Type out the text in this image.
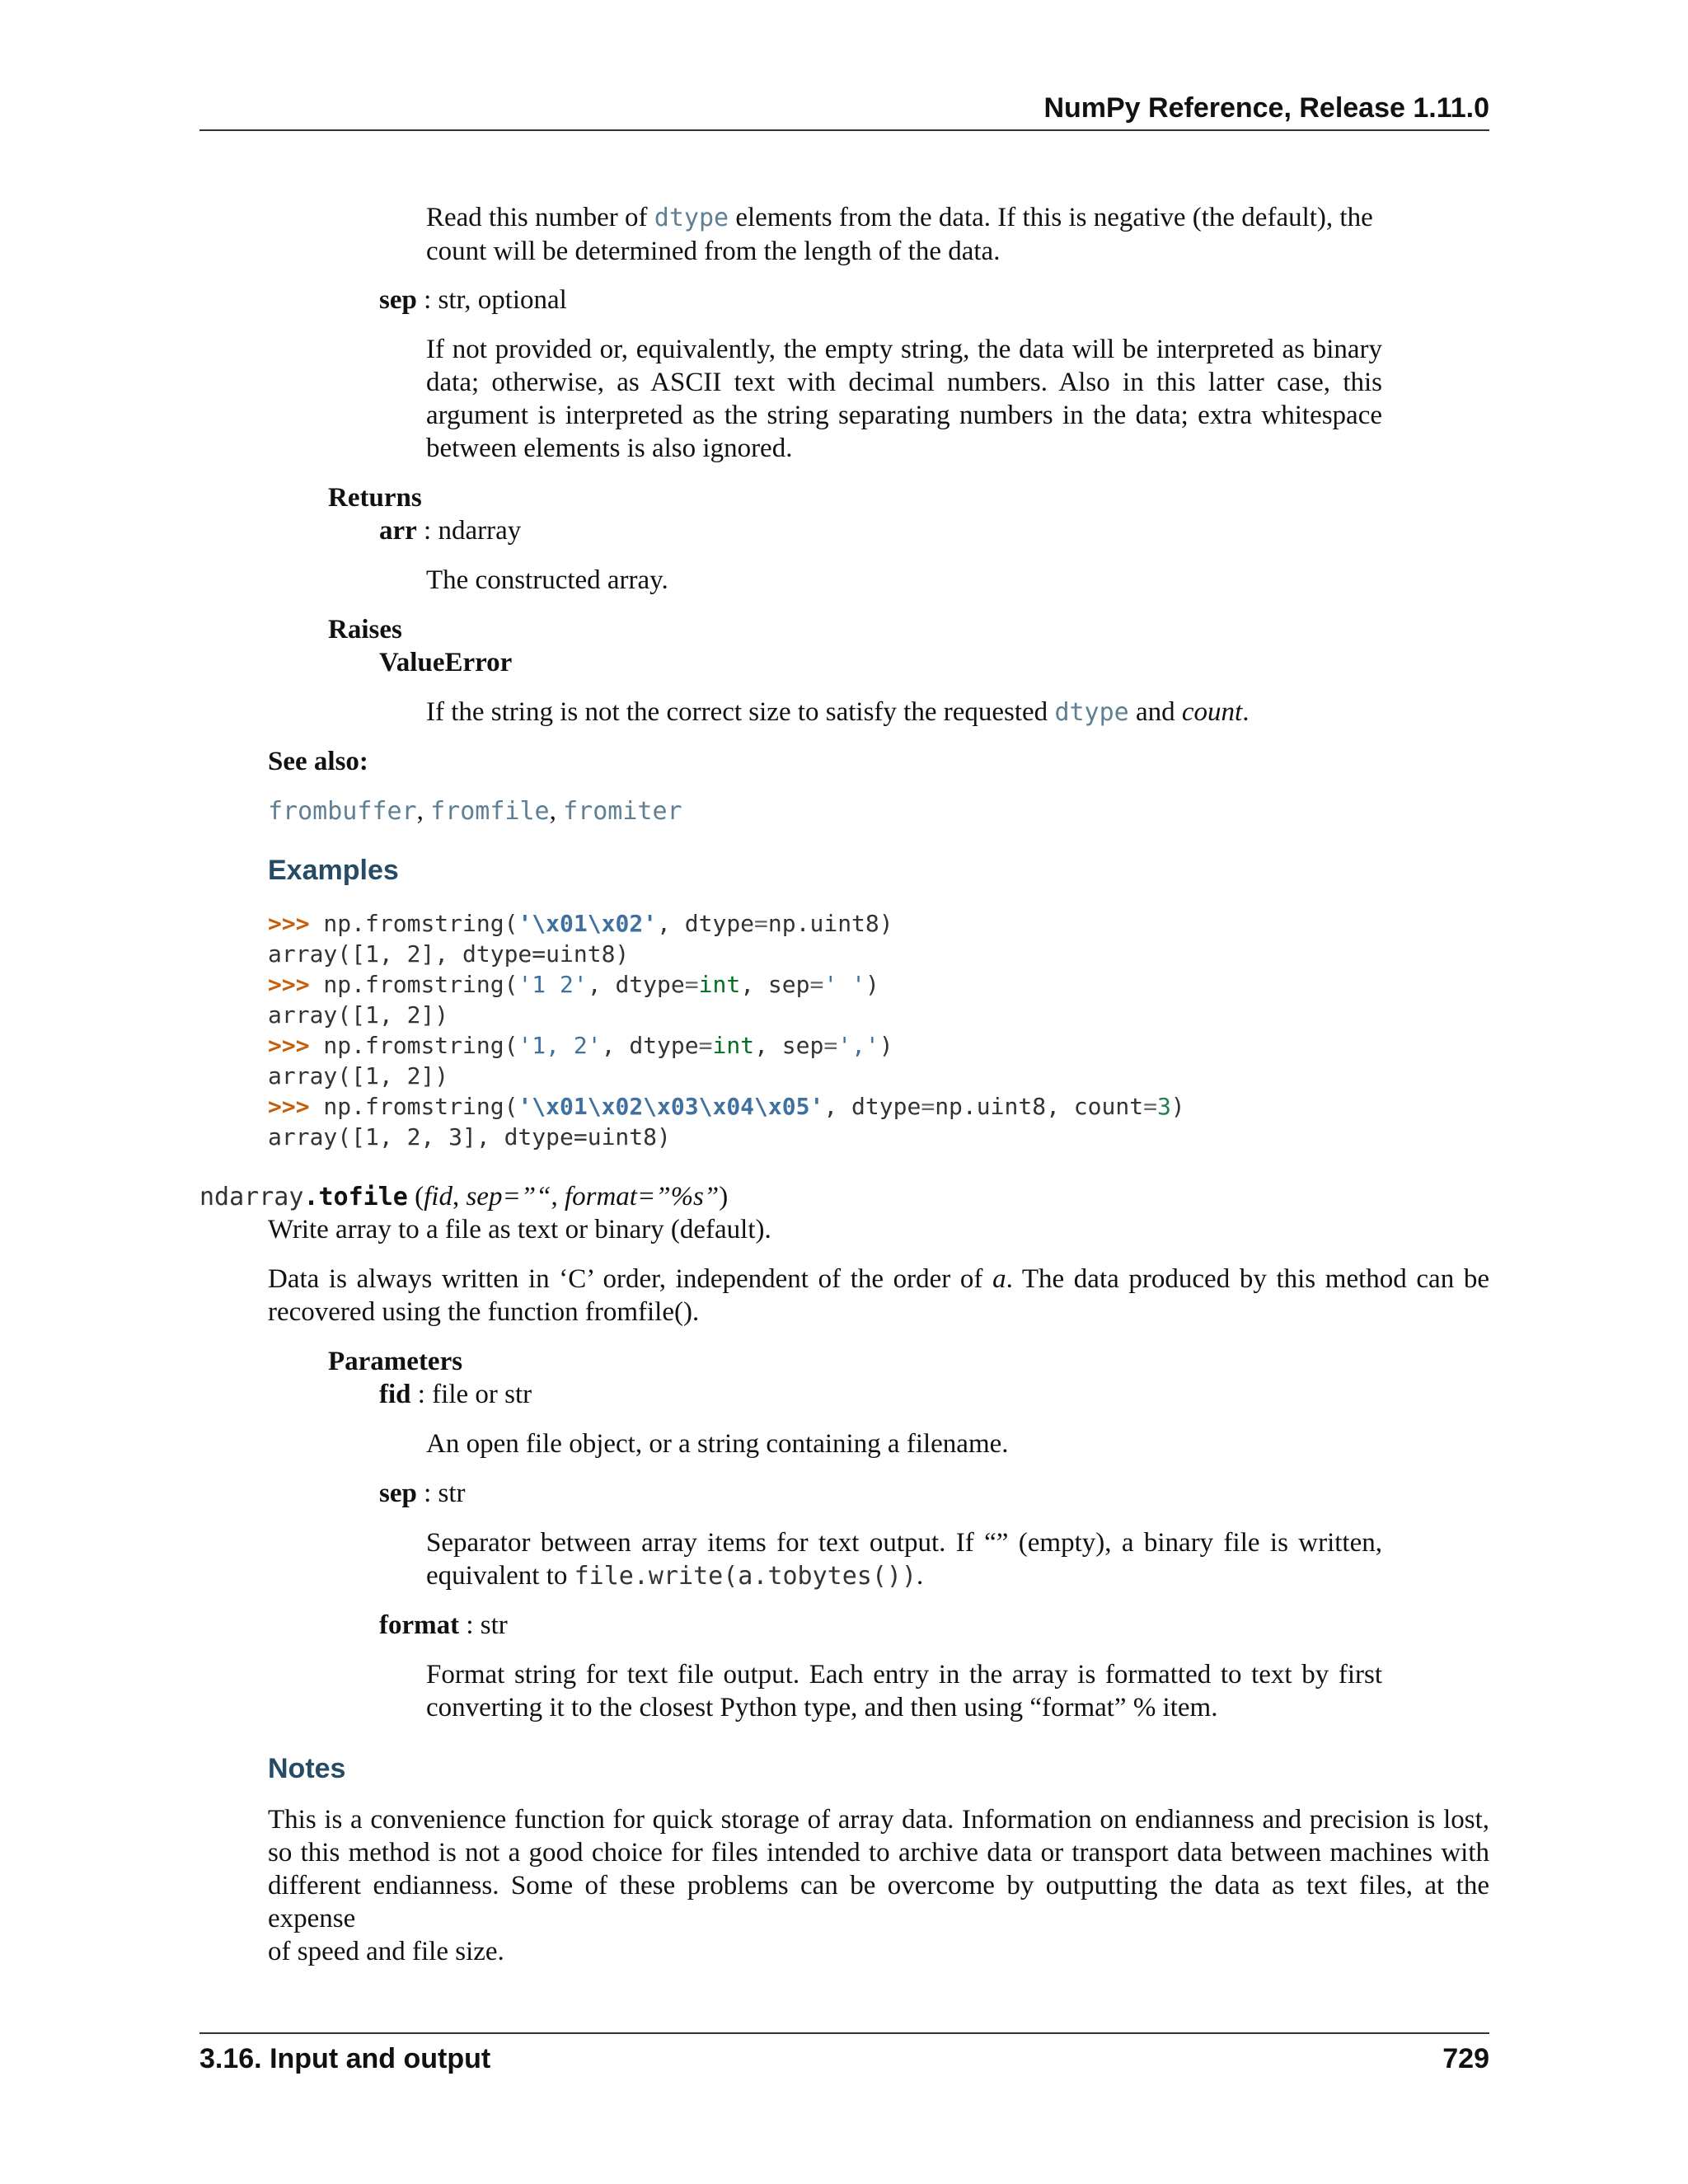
NumPy Reference, Release 1.11.0
Read this number of dtype elements from the data. If this is negative (the default), the
count will be determined from the length of the data.
sep : str, optional
If not provided or, equivalently, the empty string, the data will be interpreted as binary
data; otherwise, as ASCII text with decimal numbers. Also in this latter case, this
argument is interpreted as the string separating numbers in the data; extra whitespace
between elements is also ignored.
Returns
arr : ndarray
The constructed array.
Raises
ValueError
If the string is not the correct size to satisfy the requested dtype and count.
See also:
frombuffer, fromfile, fromiter
Examples
>>> np.fromstring('\x01\x02', dtype=np.uint8)
array([1, 2], dtype=uint8)
>>> np.fromstring('1 2', dtype=int, sep=' ')
array([1, 2])
>>> np.fromstring('1, 2', dtype=int, sep=',')
array([1, 2])
>>> np.fromstring('\x01\x02\x03\x04\x05', dtype=np.uint8, count=3)
array([1, 2, 3], dtype=uint8)
ndarray.tofile (fid, sep=”“, format=”%s”)
Write array to a file as text or binary (default).
Data is always written in ‘C’ order, independent of the order of a. The data produced by this method can be
recovered using the function fromfile().
Parameters
fid : file or str
An open file object, or a string containing a filename.
sep : str
Separator between array items for text output. If “” (empty), a binary file is written,
equivalent to file.write(a.tobytes()).
format : str
Format string for text file output. Each entry in the array is formatted to text by first
converting it to the closest Python type, and then using “format” % item.
Notes
This is a convenience function for quick storage of array data. Information on endianness and precision is lost,
so this method is not a good choice for files intended to archive data or transport data between machines with
different endianness. Some of these problems can be overcome by outputting the data as text files, at the expense
of speed and file size.
3.16. Input and output	729
